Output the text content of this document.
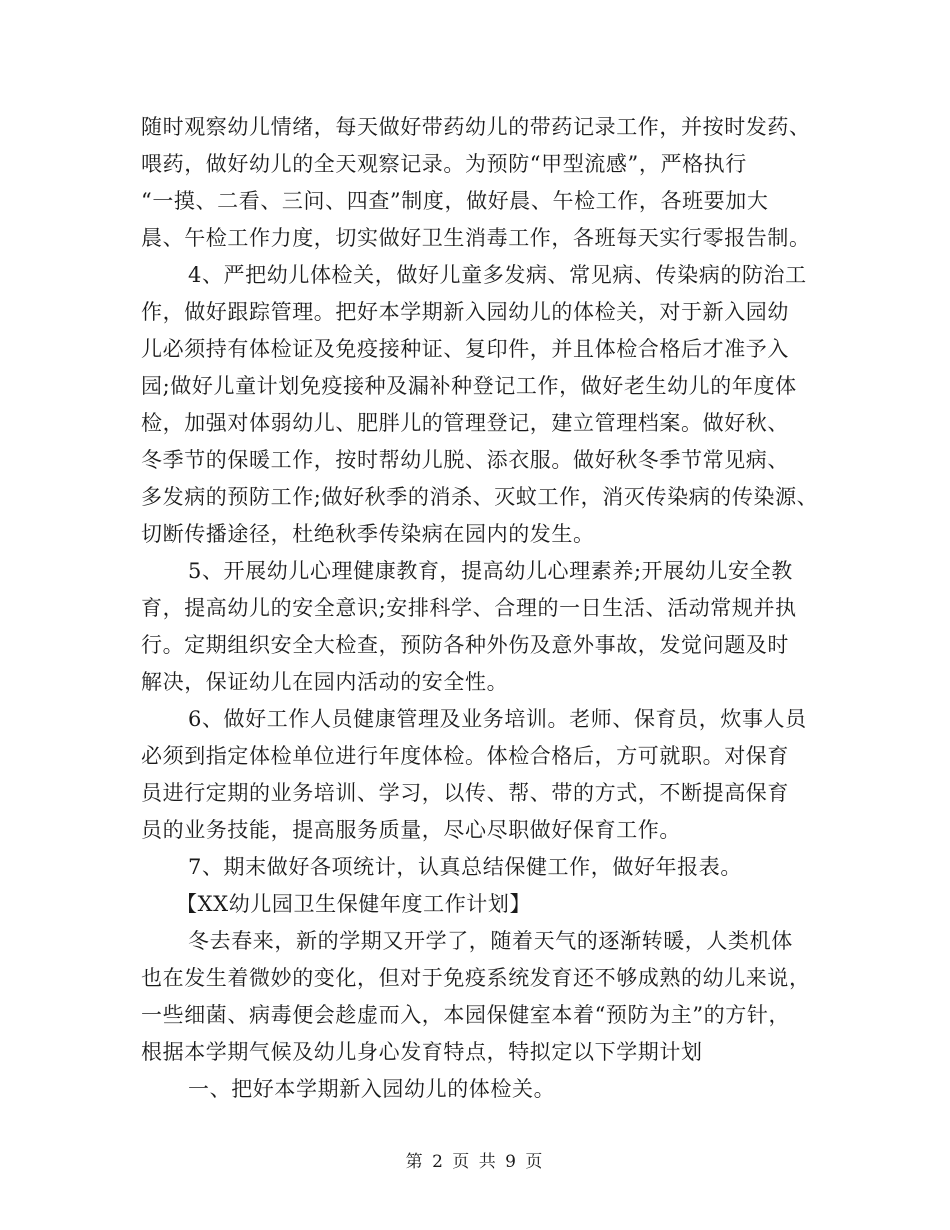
随时观察幼儿情绪，每天做好带药幼儿的带药记录工作，并按时发药、
喂药，做好幼儿的全天观察记录。为预防“甲型流感”，严格执行
“一摸、二看、三问、四查”制度，做好晨、午检工作，各班要加大
晨、午检工作力度，切实做好卫生消毒工作，各班每天实行零报告制。
4、严把幼儿体检关，做好儿童多发病、常见病、传染病的防治工
作，做好跟踪管理。把好本学期新入园幼儿的体检关，对于新入园幼
儿必须持有体检证及免疫接种证、复印件，并且体检合格后才准予入
园;做好儿童计划免疫接种及漏补种登记工作，做好老生幼儿的年度体
检，加强对体弱幼儿、肥胖儿的管理登记，建立管理档案。做好秋、
冬季节的保暖工作，按时帮幼儿脱、添衣服。做好秋冬季节常见病、
多发病的预防工作;做好秋季的消杀、灭蚊工作，消灭传染病的传染源、
切断传播途径，杜绝秋季传染病在园内的发生。
5、开展幼儿心理健康教育，提高幼儿心理素养;开展幼儿安全教
育，提高幼儿的安全意识;安排科学、合理的一日生活、活动常规并执
行。定期组织安全大检查，预防各种外伤及意外事故，发觉问题及时
解决，保证幼儿在园内活动的安全性。
6、做好工作人员健康管理及业务培训。老师、保育员，炊事人员
必须到指定体检单位进行年度体检。体检合格后，方可就职。对保育
员进行定期的业务培训、学习，以传、帮、带的方式，不断提高保育
员的业务技能，提高服务质量，尽心尽职做好保育工作。
7、期末做好各项统计，认真总结保健工作，做好年报表。
【XX幼儿园卫生保健年度工作计划】
冬去春来，新的学期又开学了，随着天气的逐渐转暖，人类机体
也在发生着微妙的变化，但对于免疫系统发育还不够成熟的幼儿来说，
一些细菌、病毒便会趁虚而入，本园保健室本着“预防为主”的方针，
根据本学期气候及幼儿身心发育特点，特拟定以下学期计划
一、把好本学期新入园幼儿的体检关。
第 2 页 共 9 页
